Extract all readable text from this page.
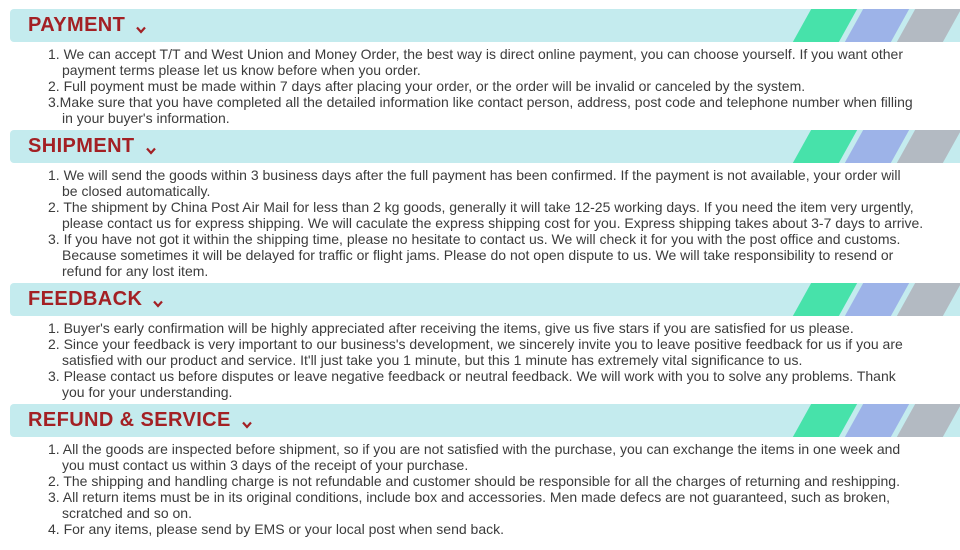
PAYMENT
1. We can accept T/T and West Union and Money Order, the best way is direct online payment, you can choose yourself. If you want other
payment terms please let us know before when you order.
2. Full poyment must be made within 7 days after placing your order, or the order will be invalid or canceled by the system.
3.Make sure that you have completed all the detailed information like contact person, address, post code and telephone number when filling
in your buyer's information.
SHIPMENT
1. We will send the goods within 3 business days after the full payment has been confirmed. If the payment is not available, your order will
be closed automatically.
2. The shipment by China Post Air Mail for less than 2 kg goods, generally it will take 12-25 working days. If you need the item very urgently,
please contact us for express shipping. We will caculate the express shipping cost for you. Express shipping takes about 3-7 days to arrive.
3. If you have not got it within the shipping time, please no hesitate to contact us. We will check it for you with the post office and customs.
Because sometimes it will be delayed for traffic or flight jams. Please do not open dispute to us. We will take responsibility to resend or
refund for any lost item.
FEEDBACK
1. Buyer's early confirmation will be highly appreciated after receiving the items, give us five stars if you are satisfied for us please.
2. Since your feedback is very important to our business's development, we sincerely invite you to leave positive feedback for us if you are
satisfied with our product and service. It'll just take you 1 minute, but this 1 minute has extremely vital significance to us.
3. Please contact us before disputes or leave negative feedback or neutral feedback. We will work with you to solve any problems. Thank
you for your understanding.
REFUND & SERVICE
1. All the goods are inspected before shipment, so if you are not satisfied with the purchase, you can exchange the items in one week and
you must contact us within 3 days of the receipt of your purchase.
2. The shipping and handling charge is not refundable and customer should be responsible for all the charges of returning and reshipping.
3. All return items must be in its original conditions, include box and accessories. Men made defecs are not guaranteed, such as broken,
scratched and so on.
4. For any items, please send by EMS or your local post when send back.
